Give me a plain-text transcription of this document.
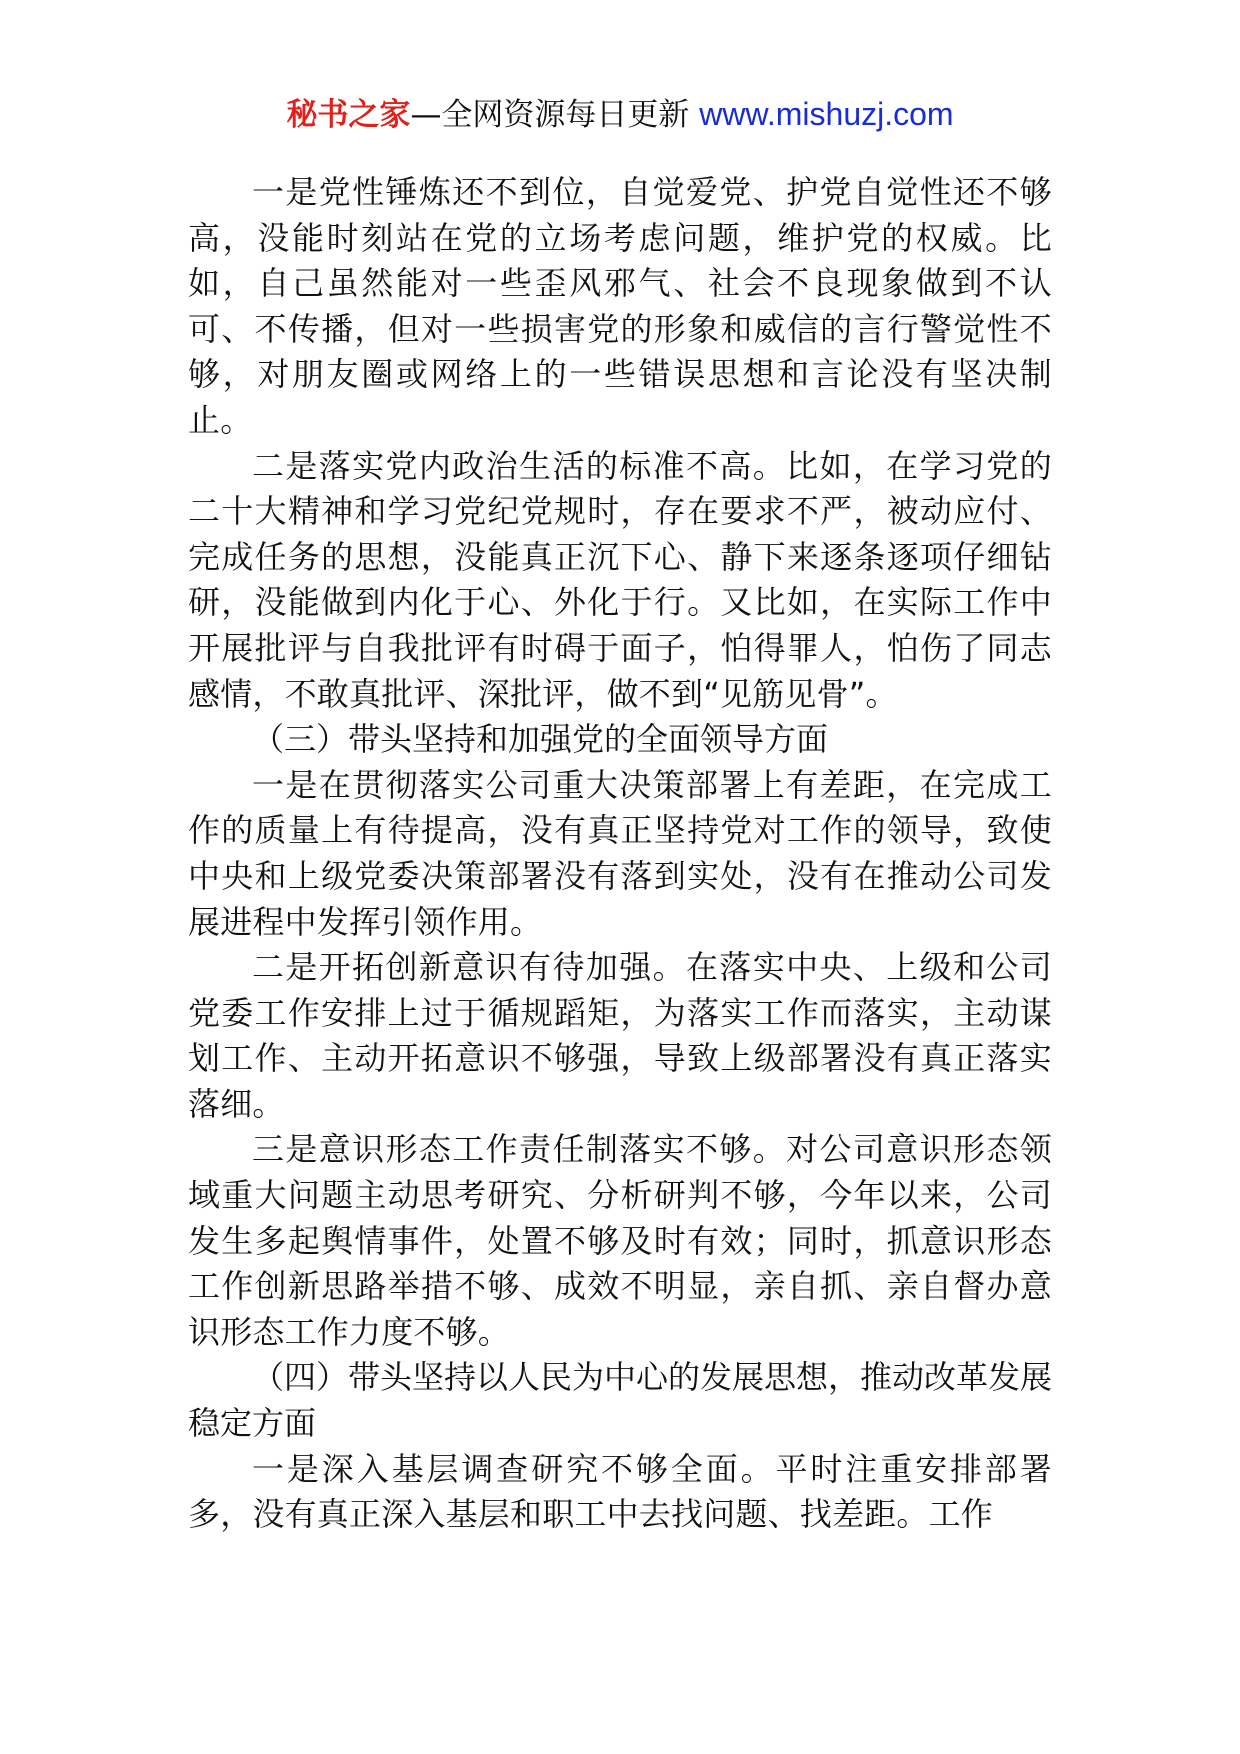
秘书之家—全网资源每日更新 www.mishuzj.com

一是党性锤炼还不到位，自觉爱党、护党自觉性还不够高，没能时刻站在党的立场考虑问题，维护党的权威。比如，自己虽然能对一些歪风邪气、社会不良现象做到不认可、不传播，但对一些损害党的形象和威信的言行警觉性不够，对朋友圈或网络上的一些错误思想和言论没有坚决制止。

二是落实党内政治生活的标准不高。比如，在学习党的二十大精神和学习党纪党规时，存在要求不严，被动应付、完成任务的思想，没能真正沉下心、静下来逐条逐项仔细钻研，没能做到内化于心、外化于行。又比如，在实际工作中开展批评与自我批评有时碍于面子，怕得罪人，怕伤了同志感情，不敢真批评、深批评，做不到“见筋见骨”。

（三）带头坚持和加强党的全面领导方面

一是在贯彻落实公司重大决策部署上有差距，在完成工作的质量上有待提高，没有真正坚持党对工作的领导，致使中央和上级党委决策部署没有落到实处，没有在推动公司发展进程中发挥引领作用。

二是开拓创新意识有待加强。在落实中央、上级和公司党委工作安排上过于循规蹈矩，为落实工作而落实，主动谋划工作、主动开拓意识不够强，导致上级部署没有真正落实落细。

三是意识形态工作责任制落实不够。对公司意识形态领域重大问题主动思考研究、分析研判不够，今年以来，公司发生多起舆情事件，处置不够及时有效；同时，抓意识形态工作创新思路举措不够、成效不明显，亲自抓、亲自督办意识形态工作力度不够。

（四）带头坚持以人民为中心的发展思想，推动改革发展稳定方面

一是深入基层调查研究不够全面。平时注重安排部署多，没有真正深入基层和职工中去找问题、找差距。工作
